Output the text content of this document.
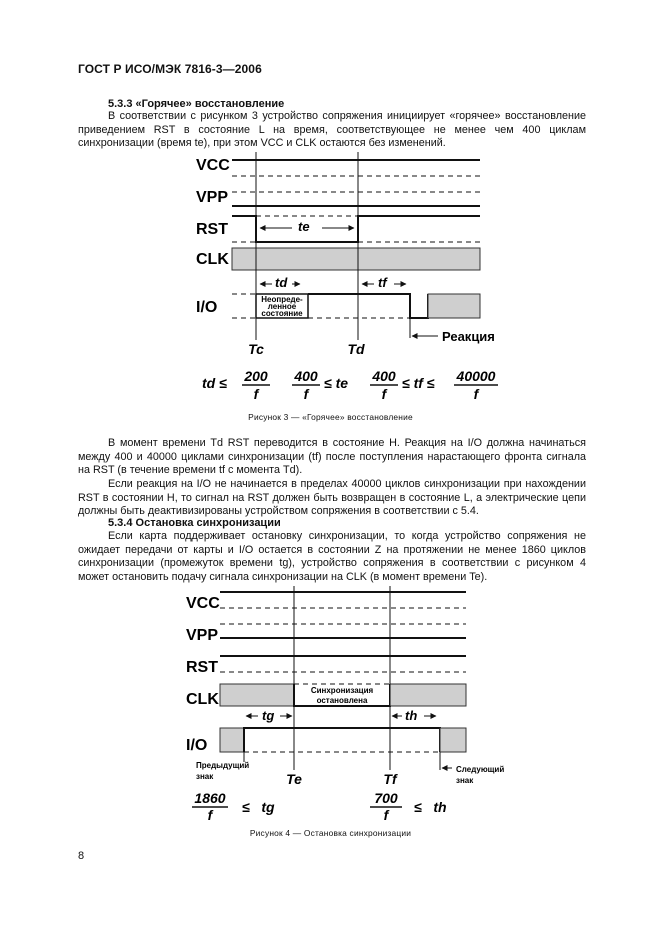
ГОСТ Р ИСО/МЭК 7816-3—2006
5.3.3 «Горячее» восстановление

В соответствии с рисунком 3 устройство сопряжения инициирует «горячее» восстановление приведением RST в состояние L на время, соответствующее не менее чем 400 циклам синхронизации (время te), при этом VCC и CLK остаются без изменений.

VCC
VPP
RST
CLK
I/O
te
td	tf
Неопреде-
ленное
состояние
Реакция
Tc	Td
td ≤ 200
f
400
f
≤ te 400
f
≤ tf ≤ 40000
f
Рисунок 3 — «Горячее» восстановление

В момент времени Td RST переводится в состояние H. Реакция на I/O должна начинаться между 400 и 40000 циклами синхронизации (tf) после поступления нарастающего фронта сигнала на RST (в течение времени tf с момента Td).

Если реакция на I/O не начинается в пределах 40000 циклов синхронизации при нахождении RST в состоянии H, то сигнал на RST должен быть возвращен в состояние L, а электрические цепи должны быть деактивизированы устройством сопряжения в соответствии с 5.4.

5.3.4 Остановка синхронизации

Если карта поддерживает остановку синхронизации, то когда устройство сопряжения не ожидает передачи от карты и I/O остается в состоянии Z на протяжении не менее 1860 циклов синхронизации (промежуток времени tg), устройство сопряжения в соответствии с рисунком 4 может остановить подачу сигнала синхронизации на CLK (в момент времени Te).

VCC
VPP
RST
CLK
I/O
Синхронизация
остановлена
tg	th
Предыдущий
знак
Следующий
знак
Te	Tf
1860
f ≤   tg
700
f ≤   th
Рисунок 4 — Остановка синхронизации
8
